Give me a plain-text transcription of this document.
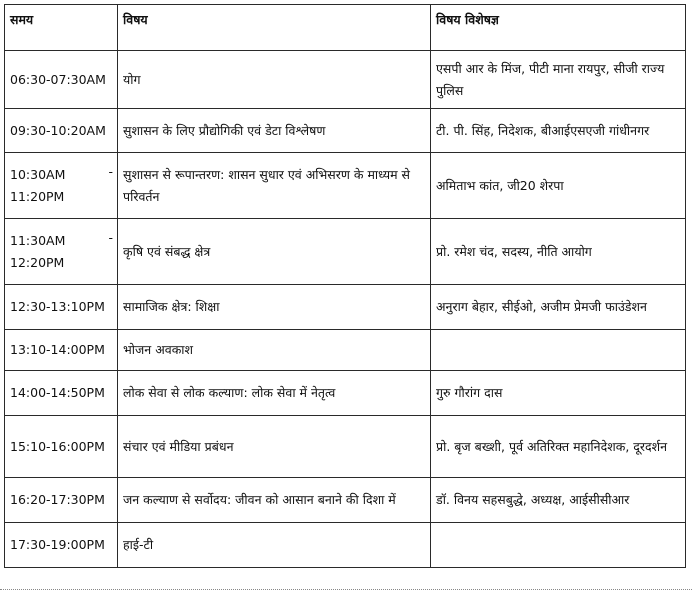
समय	विषय	विषय विशेषज्ञ
06:30-07:30AM	योग	एसपी आर के मिंज, पीटी माना रायपुर, सीजी राज्य पुलिस
09:30-10:20AM	सुशासन के लिए प्रौद्योगिकी एवं डेटा विश्लेषण	टी. पी. सिंह, निदेशक, बीआईएसएजी गांधीनगर

10:30AM -
11:20PM	सुशासन से रूपान्तरण: शासन सुधार एवं अभिसरण के माध्यम से परिवर्तन	अमिताभ कांत, जी20 शेरपा

11:30AM -
12:20PM	कृषि एवं संबद्ध क्षेत्र	प्रो. रमेश चंद, सदस्य, नीति आयोग
12:30-13:10PM	सामाजिक क्षेत्र: शिक्षा	अनुराग बेहार, सीईओ, अजीम प्रेमजी फाउंडेशन
13:10-14:00PM	भोजन अवकाश	
14:00-14:50PM	लोक सेवा से लोक कल्याण: लोक सेवा में नेतृत्व	गुरु गौरांग दास
15:10-16:00PM	संचार एवं मीडिया प्रबंधन	प्रो. बृज बख्शी, पूर्व अतिरिक्त महानिदेशक, दूरदर्शन
16:20-17:30PM	जन कल्याण से सर्वोदय: जीवन को आसान बनाने की दिशा में	डॉ. विनय सहसबुद्धे, अध्यक्ष, आईसीसीआर
17:30-19:00PM	हाई-टी	
